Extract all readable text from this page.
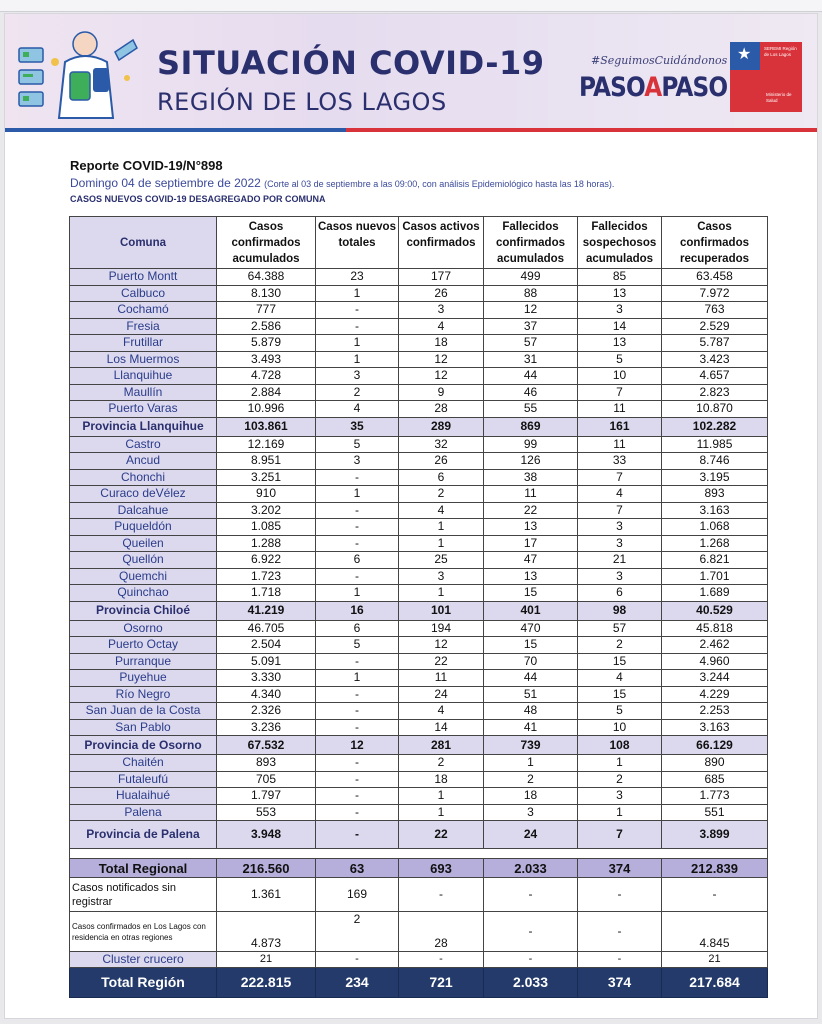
SITUACIÓN COVID-19
REGIÓN DE LOS LAGOS
#SeguimosCuidándonos
PASOAPASO
★	SEREMI Región de Los Lagos
Ministerio de Salud
Reporte COVID-19/N°898
Domingo 04 de septiembre de 2022 (Corte al 03 de septiembre a las 09:00, con análisis Epidemiológico hasta las 18 horas).
CASOS NUEVOS COVID-19 DESAGREGADO POR COMUNA
Comuna	Casos confirmados acumulados	Casos nuevos totales	Casos activos confirmados	Fallecidos confirmados acumulados	Fallecidos sospechosos acumulados	Casos confirmados recuperados
Puerto Montt	64.388	23	177	499	85	63.458
Calbuco	8.130	1	26	88	13	7.972
Cochamó	777	-	3	12	3	763
Fresia	2.586	-	4	37	14	2.529
Frutillar	5.879	1	18	57	13	5.787
Los Muermos	3.493	1	12	31	5	3.423
Llanquihue	4.728	3	12	44	10	4.657
Maullín	2.884	2	9	46	7	2.823
Puerto Varas	10.996	4	28	55	11	10.870
Provincia Llanquihue	103.861	35	289	869	161	102.282
Castro	12.169	5	32	99	11	11.985
Ancud	8.951	3	26	126	33	8.746
Chonchi	3.251	-	6	38	7	3.195
Curaco deVélez	910	1	2	11	4	893
Dalcahue	3.202	-	4	22	7	3.163
Puqueldón	1.085	-	1	13	3	1.068
Queilen	1.288	-	1	17	3	1.268
Quellón	6.922	6	25	47	21	6.821
Quemchi	1.723	-	3	13	3	1.701
Quinchao	1.718	1	1	15	6	1.689
Provincia Chiloé	41.219	16	101	401	98	40.529
Osorno	46.705	6	194	470	57	45.818
Puerto Octay	2.504	5	12	15	2	2.462
Purranque	5.091	-	22	70	15	4.960
Puyehue	3.330	1	11	44	4	3.244
Río Negro	4.340	-	24	51	15	4.229
San Juan de la Costa	2.326	-	4	48	5	2.253
San Pablo	3.236	-	14	41	10	3.163
Provincia de Osorno	67.532	12	281	739	108	66.129
Chaitén	893	-	2	1	1	890
Futaleufú	705	-	18	2	2	685
Hualaihué	1.797	-	1	18	3	1.773
Palena	553	-	1	3	1	551
Provincia de Palena	3.948	-	22	24	7	3.899

Total Regional	216.560	63	693	2.033	374	212.839
Casos notificados sin registrar	1.361	169	-	-	-	-
Casos confirmados en Los Lagos con residencia en otras regiones	4.873	2	28	-	-	4.845
Cluster crucero	21	-	-	-	-	21
Total Región	222.815	234	721	2.033	374	217.684
